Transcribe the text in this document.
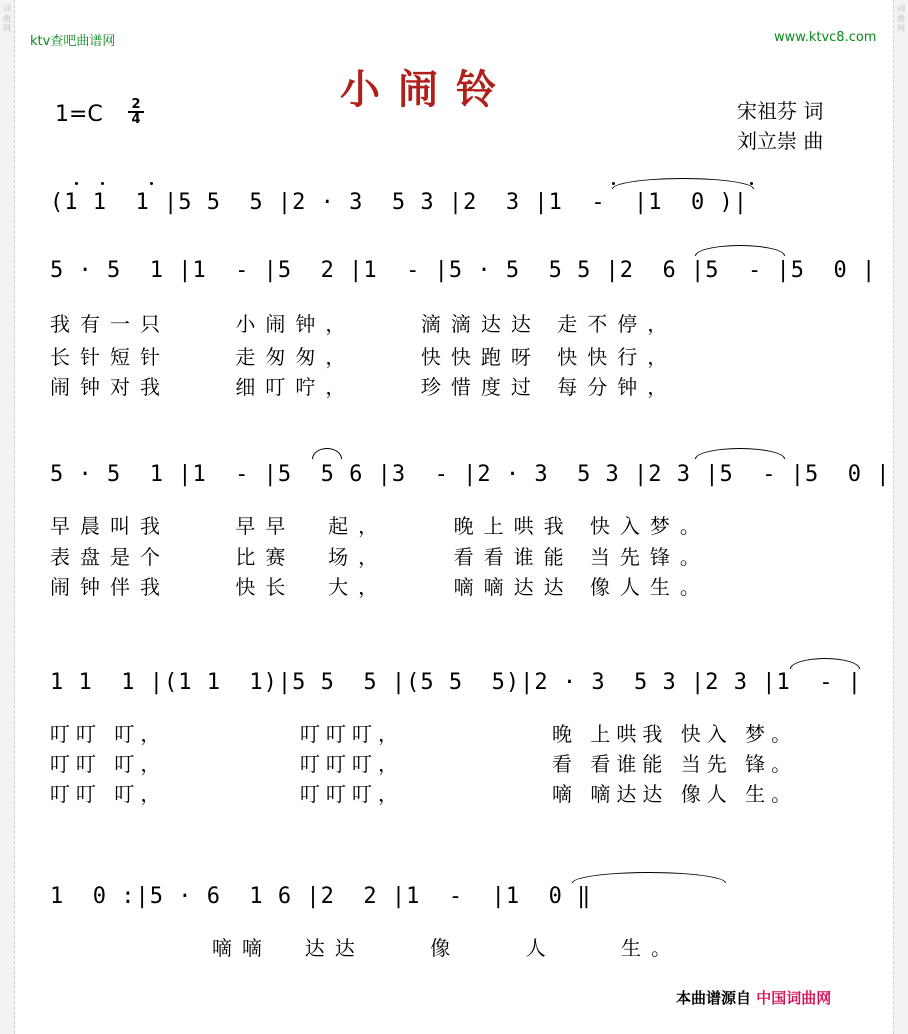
词曲网
词曲网
ktv查吧曲谱网	www.ktvc8.com
小闹铃
$1=C \frac{2}{4}$	宋祖芬 词
刘立崇 曲
(1 1  1 |5 5  5 |2 · 3  5 3 |2  3 |1  -  |1  0 )|
5 · 5  1 |1  - |5  2 |1  - |5 · 5  5 5 |2  6 |5  - |5  0 |
我有一只    小闹钟，    滴滴达达 走不停，
长针短针    走匆匆，    快快跑呀 快快行，
闹钟对我    细叮咛，    珍惜度过 每分钟，
5 · 5  1 |1  - |5  5 6 |3  - |2 · 3  5 3 |2 3 |5  - |5  0 |
早晨叫我    早早  起，    晚上哄我 快入梦。
表盘是个    比赛  场，    看看谁能 当先锋。
闹钟伴我    快长  大，    嘀嘀达达 像人生。
1 1  1 |(1 1  1)|5 5  5 |(5 5  5)|2 · 3  5 3 |2 3 |1  - |
叮叮 叮，
叮叮 叮，
叮叮 叮，
叮叮叮，
叮叮叮，
叮叮叮，
晚 上哄我 快入 梦。
看 看谁能 当先 锋。
嘀 嘀达达 像人 生。
1  0 :|5 · 6  1 6 |2  2 |1  -  |1  0 ‖
嘀嘀  达达    像    人    生。
本曲谱源自 中国词曲网
